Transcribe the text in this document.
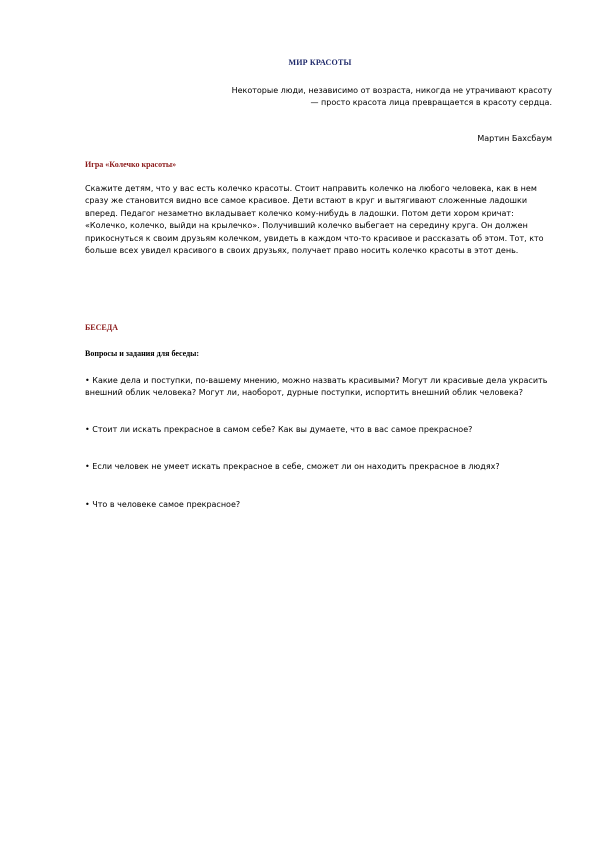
МИР КРАСОТЫ
Некоторые люди, независимо от возраста, никогда не утрачивают красоту — просто красота лица превращается в красоту сердца.
Мартин Бахсбаум
Игра «Колечко красоты»
Скажите детям, что у вас есть колечко красоты. Стоит направить колечко на любого человека, как в нем сразу же становится видно все самое красивое. Дети встают в круг и вытягивают сложенные ладошки вперед. Педагог незаметно вкладывает колечко кому-нибудь в ладошки. Потом дети хором кричат: «Колечко, колечко, выйди на крылечко». Получивший колечко выбегает на середину круга. Он должен прикоснуться к своим друзьям колечком, увидеть в каждом что-то красивое и рассказать об этом. Тот, кто больше всех увидел красивого в своих друзьях, получает право носить колечко красоты в этот день.
БЕСЕДА
Вопросы и задания для беседы:
• Какие дела и поступки, по-вашему мнению, можно назвать красивыми? Могут ли красивые дела украсить внешний облик человека? Могут ли, наоборот, дурные поступки, испортить внешний облик человека?
• Стоит ли искать прекрасное в самом себе? Как вы думаете, что в вас самое прекрасное?
• Если человек не умеет искать прекрасное в себе, сможет ли он находить прекрасное в людях?
• Что в человеке самое прекрасное?
